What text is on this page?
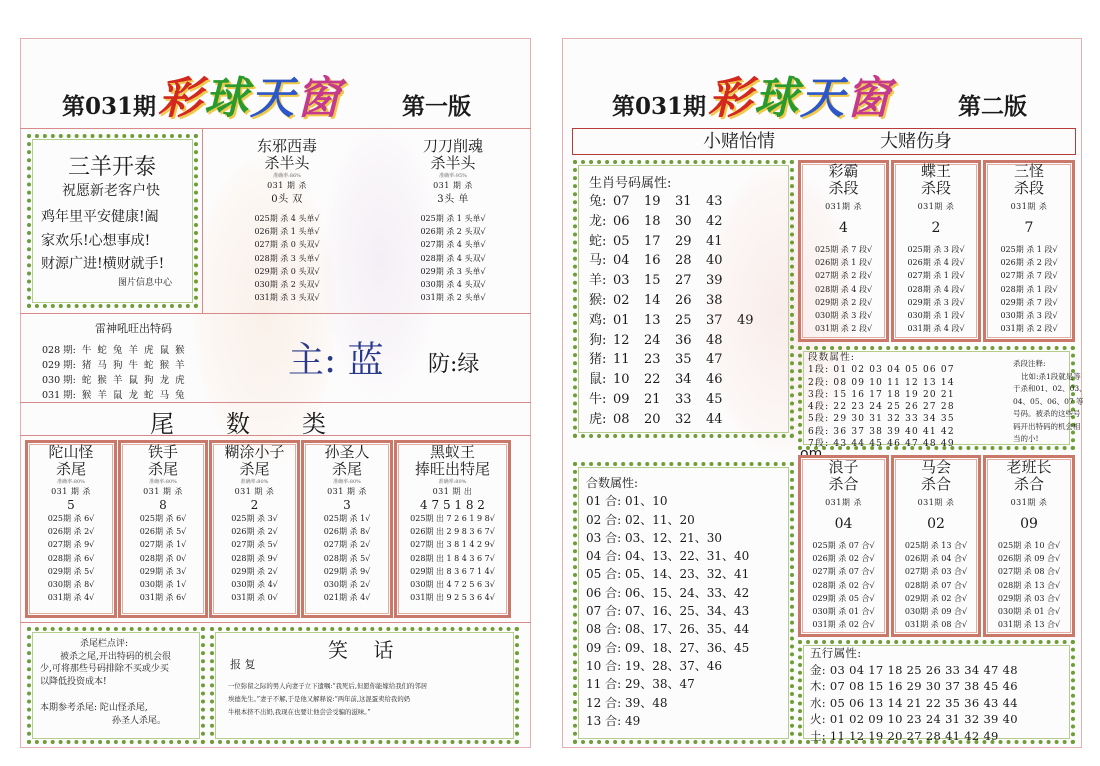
第031期 彩球天窗	第一版
三羊开泰
祝愿新老客户快
鸡年里平安健康!阖
家欢乐!心想事成!
财源广进!横财就手!
图片信息中心
东邪西毒
杀半头
准确率:86%
031 期 杀
0头 双
025期 杀 4 头单√
026期 杀 1 头单√
027期 杀 0 头双√
028期 杀 3 头单√
029期 杀 0 头双√
030期 杀 2 头双√
031期 杀 3 头双√
刀刀削魂
杀半头
准确率:95%
031 期 杀
3头 单
025期 杀 1 头单√
026期 杀 2 头双√
027期 杀 4 头单√
028期 杀 4 头双√
029期 杀 3 头单√
030期 杀 4 头双√
031期 杀 2 头单√
雷神吼旺出特码
028 期:  牛  蛇  兔  羊  虎  鼠  猴
029 期:  猪  马  狗  牛  蛇  猴  羊
030 期:  蛇  猴  羊  鼠  狗  龙  虎
031 期:  猴  羊  鼠  龙  蛇  马  兔
主: 蓝 防:绿
尾 数 类
陀山怪
杀尾
准确率:80%
031 期 杀
5
025期 杀 6√
026期 杀 2√
027期 杀 9√
028期 杀 6√
029期 杀 5√
030期 杀 8√
031期 杀 4√
铁手
杀尾
准确率:80%
031 期 杀
8
025期 杀 6√
026期 杀 5√
027期 杀 1√
028期 杀 0√
029期 杀 3√
030期 杀 1√
031期 杀 6√
糊涂小子
杀尾
准确率:80%
031 期 杀
2
025期 杀 3√
026期 杀 2√
027期 杀 5√
028期 杀 9√
029期 杀 2√
030期 杀 4√
031期 杀 0√
孙圣人
杀尾
准确率:80%
031 期 杀
3
025期 杀 1√
026期 杀 8√
027期 杀 2√
028期 杀 5√
029期 杀 9√
030期 杀 2√
021期 杀 4√
黑蚁王
捧旺出特尾
准确率:80%
031 期 出
4 7 5 1 8 2
025期 出 7 2 6 1 9 8√
026期 出 2 9 8 3 6 7√
027期 出 3 8 1 4 2 9√
028期 出 1 8 4 3 6 7√
029期 出 8 3 6 7 1 4√
030期 出 4 7 2 5 6 3√
031期 出 9 2 5 3 6 4√
杀尾栏点评:
被杀之尾,开出特码的机会很
少,可将那些号码排除不买或少买
以降低投资成本!
本期参考杀尾: 陀山怪杀尾,
孙圣人杀尾。
笑    话
报 复
一位弥留之际的男人向妻子立下遗嘱:“我死后,但愿你能嫁给我们的邻居
埃德先生。”妻子不解,于是他又解释说:“两年前,这混蛋卖给我的奶
牛根本挤不出奶,我现在也要让他尝尝受骗的滋味。”
第031期 彩球天窗	第二版
小赌怡情	大赌伤身
生肖号码属性:
兔: 07 19 31 43
龙: 06 18 30 42
蛇: 05 17 29 41
马: 04 16 28 40
羊: 03 15 27 39
猴: 02 14 26 38
鸡: 01 13 25 37 49
狗: 12 24 36 48
猪: 11 23 35 47
鼠: 10 22 34 46
牛: 09 21 33 45
虎: 08 20 32 44
彩霸
杀段
031期 杀
4
025期 杀 7 段√
026期 杀 1 段√
027期 杀 2 段√
028期 杀 4 段√
029期 杀 2 段√
030期 杀 3 段√
031期 杀 2 段√
蝶王
杀段
031期 杀
2
025期 杀 3 段√
026期 杀 4 段√
027期 杀 1 段√
028期 杀 4 段√
029期 杀 3 段√
030期 杀 1 段√
031期 杀 4 段√
三怪
杀段
031期 杀
7
025期 杀 1 段√
026期 杀 2 段√
027期 杀 7 段√
028期 杀 1 段√
029期 杀 7 段√
030期 杀 3 段√
031期 杀 2 段√
段数属性:
1段: 01 02 03 04 05 06 07
2段: 08 09 10 11 12 13 14
3段: 15 16 17 18 19 20 21
4段: 22 23 24 25 26 27 28
5段: 29 30 31 32 33 34 35
6段: 36 37 38 39 40 41 42
7段: 43 44 45 46 47 48 49
杀段注释:
比如:杀1段就是等
于杀和01、02、03、
04、05、06、07 等
号码。被杀的这些号
码开出特码的机会相
当的小!
om
浪子
杀合
031期 杀
04
025期 杀 07 合√
026期 杀 02 合√
027期 杀 07 合√
028期 杀 02 合√
029期 杀 05 合√
030期 杀 01 合√
031期 杀 02 合√
马会
杀合
031期 杀
02
025期 杀 13 合√
026期 杀 04 合√
027期 杀 03 合√
028期 杀 07 合√
029期 杀 02 合√
030期 杀 09 合√
031期 杀 08 合√
老班长
杀合
031期 杀
09
025期 杀 10 合√
026期 杀 09 合√
027期 杀 08 合√
028期 杀 13 合√
029期 杀 03 合√
030期 杀 01 合√
031期 杀 13 合√
合数属性:
01 合: 01、10
02 合: 02、11、20
03 合: 03、12、21、30
04 合: 04、13、22、31、40
05 合: 05、14、23、32、41
06 合: 06、15、24、33、42
07 合: 07、16、25、34、43
08 合: 08、17、26、35、44
09 合: 09、18、27、36、45
10 合: 19、28、37、46
11 合: 29、38、47
12 合: 39、48
13 合: 49
五行属性:
金: 03 04 17 18 25 26 33 34 47 48
木: 07 08 15 16 29 30 37 38 45 46
水: 05 06 13 14 21 22 35 36 43 44
火: 01 02 09 10 23 24 31 32 39 40
土: 11 12 19 20 27 28 41 42 49
